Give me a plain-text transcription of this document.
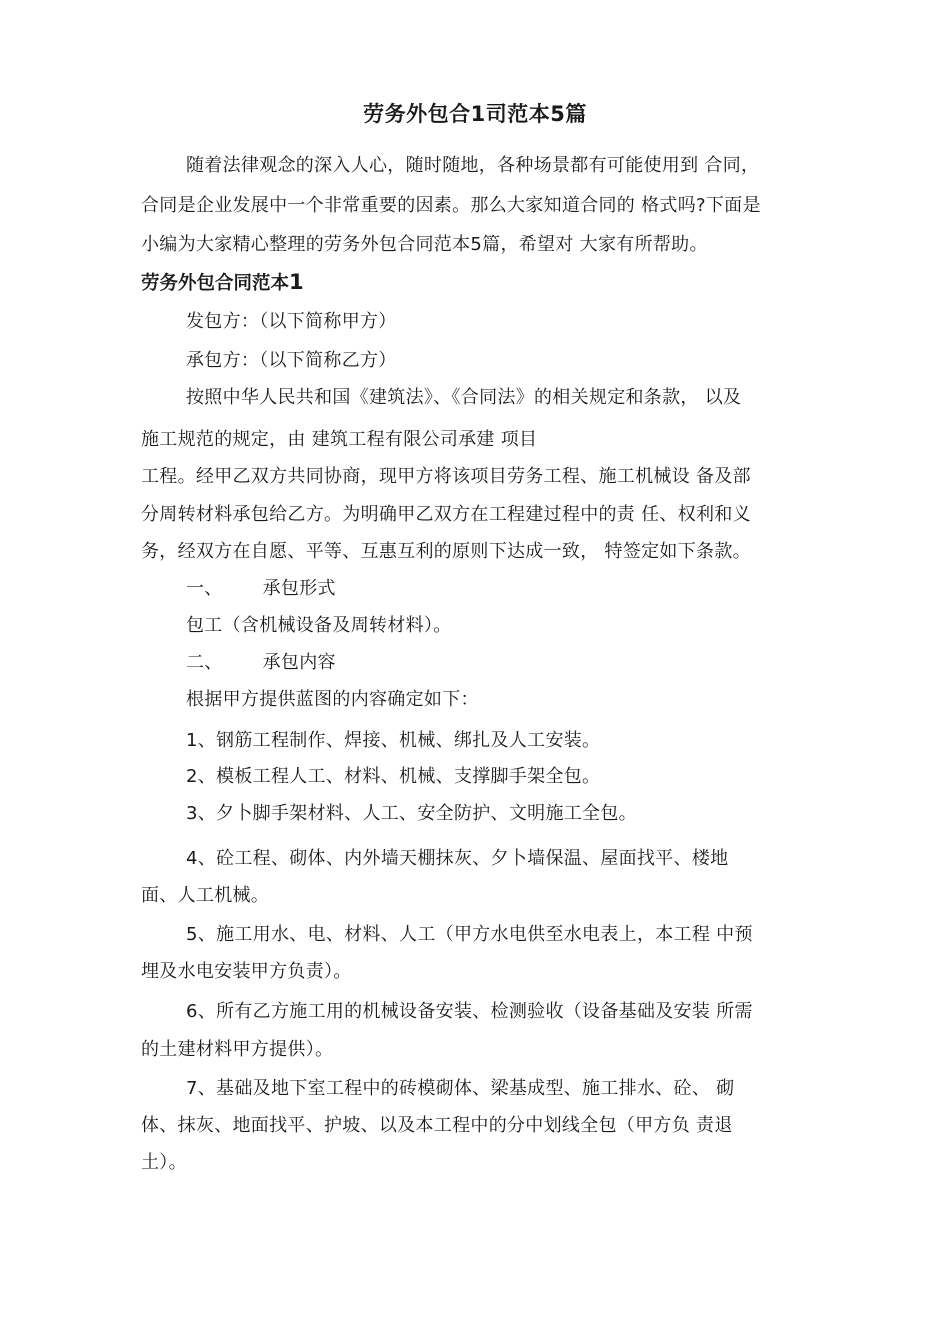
劳务外包合1司范本5篇
随着法律观念的深入人心，随时随地，各种场景都有可能使用到 合同，
合同是企业发展中一个非常重要的因素。那么大家知道合同的 格式吗?下面是
小编为大家精心整理的劳务外包合同范本5篇，希望对 大家有所帮助。
劳务外包合同范本1
发包方：（以下简称甲方）
承包方：（以下简称乙方）
按照中华人民共和国《建筑法》、《合同法》的相关规定和条款， 以及
施工规范的规定，由 建筑工程有限公司承建 项目
工程。经甲乙双方共同协商，现甲方将该项目劳务工程、施工机械设 备及部
分周转材料承包给乙方。为明确甲乙双方在工程建过程中的责 任、权利和义
务，经双方在自愿、平等、互惠互利的原则下达成一致， 特签定如下条款。
一、 承包形式
包工（含机械设备及周转材料）。
二、 承包内容
根据甲方提供蓝图的内容确定如下：
1、钢筋工程制作、焊接、机械、绑扎及人工安装。
2、模板工程人工、材料、机械、支撑脚手架全包。
3、夕卜脚手架材料、人工、安全防护、文明施工全包。
4、砼工程、砌体、内外墙天棚抹灰、夕卜墙保温、屋面找平、楼地
面、人工机械。
5、施工用水、电、材料、人工（甲方水电供至水电表上，本工程 中预
埋及水电安装甲方负责）。
6、所有乙方施工用的机械设备安装、检测验收（设备基础及安装 所需
的土建材料甲方提供）。
7、基础及地下室工程中的砖模砌体、梁基成型、施工排水、砼、 砌
体、抹灰、地面找平、护坡、以及本工程中的分中划线全包（甲方负 责退
土）。
